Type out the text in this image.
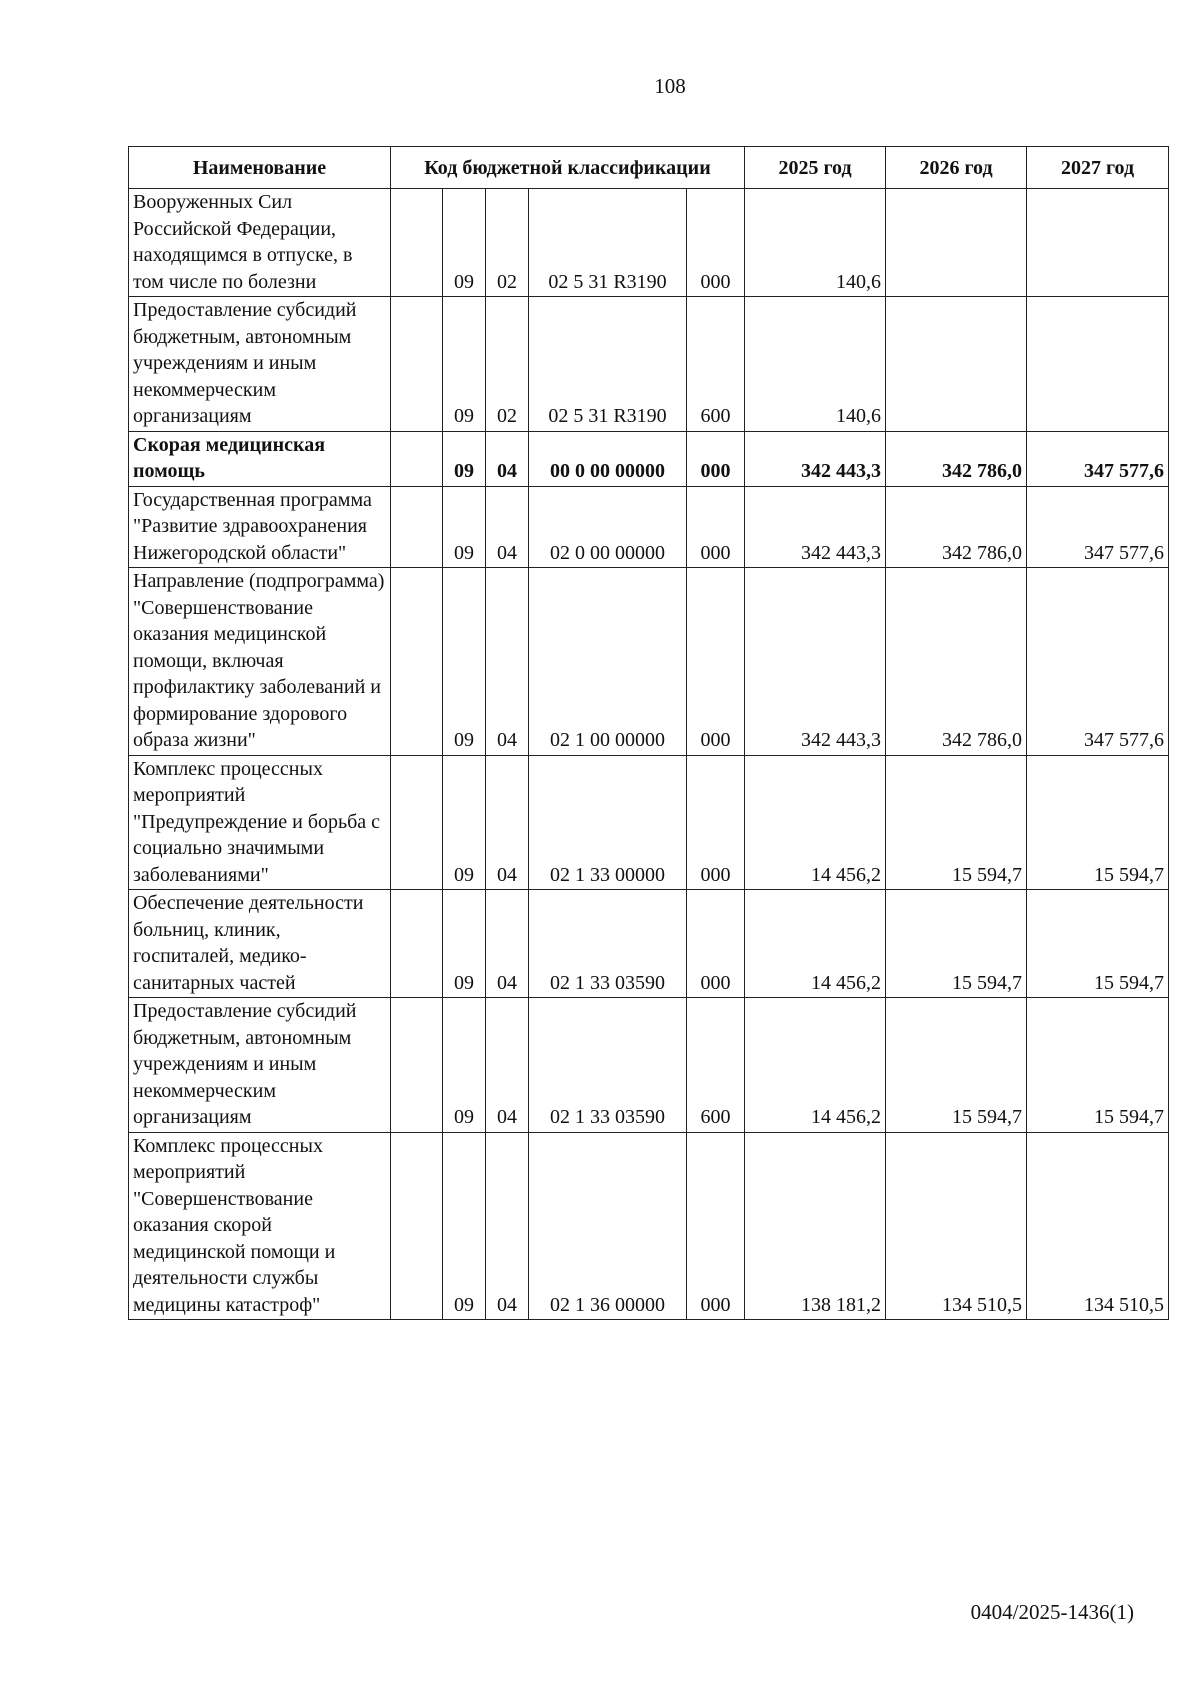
108
Наименование	Код бюджетной классификации					2025 год	2026 год	2027 год
Вооруженных Сил Российской Федерации, находящимся в отпуске, в том числе по болезни		09	02	02 5 31 R3190	000	140,6		
Предоставление субсидий бюджетным, автономным учреждениям и иным некоммерческим организациям		09	02	02 5 31 R3190	600	140,6		
Скорая медицинская помощь		09	04	00 0 00 00000	000	342 443,3	342 786,0	347 577,6
Государственная программа "Развитие здравоохранения Нижегородской области"		09	04	02 0 00 00000	000	342 443,3	342 786,0	347 577,6
Направление (подпрограмма) "Совершенствование оказания медицинской помощи, включая профилактику заболеваний и формирование здорового образа жизни"		09	04	02 1 00 00000	000	342 443,3	342 786,0	347 577,6
Комплекс процессных мероприятий "Предупреждение и борьба с социально значимыми заболеваниями"		09	04	02 1 33 00000	000	14 456,2	15 594,7	15 594,7
Обеспечение деятельности больниц, клиник, госпиталей, медико-санитарных частей		09	04	02 1 33 03590	000	14 456,2	15 594,7	15 594,7
Предоставление субсидий бюджетным, автономным учреждениям и иным некоммерческим организациям		09	04	02 1 33 03590	600	14 456,2	15 594,7	15 594,7
Комплекс процессных мероприятий "Совершенствование оказания скорой медицинской помощи и деятельности службы медицины катастроф"		09	04	02 1 36 00000	000	138 181,2	134 510,5	134 510,5
0404/2025-1436(1)
